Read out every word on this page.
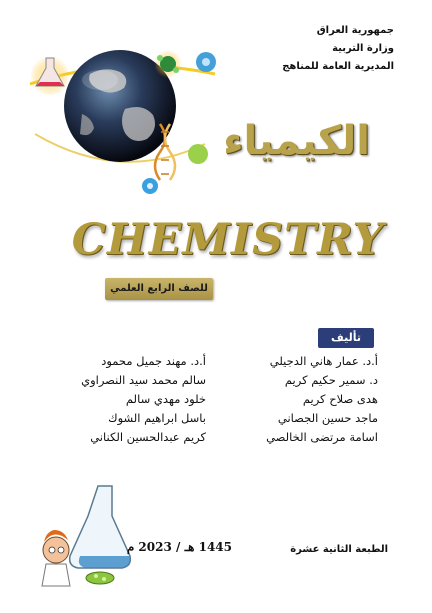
جمهورية العراق
وزارة التربية
المديرية العامة للمناهج
الكيمياء
CHEMISTRY
للصف الرابع العلمي
تأليف
أ.د. عمار هاني الدجيلي
أ.د. مهند جميل محمود
د. سمير حكيم كريم
سالم محمد سيد النصراوي
هدى صلاح كريم
خلود مهدي سالم
ماجد حسين الجصاني
باسل ابراهيم الشوك
اسامة مرتضى الخالصي
كريم عبدالحسين الكناني
1445 هـ / 2023 م	الطبعة الثانية عشرة
